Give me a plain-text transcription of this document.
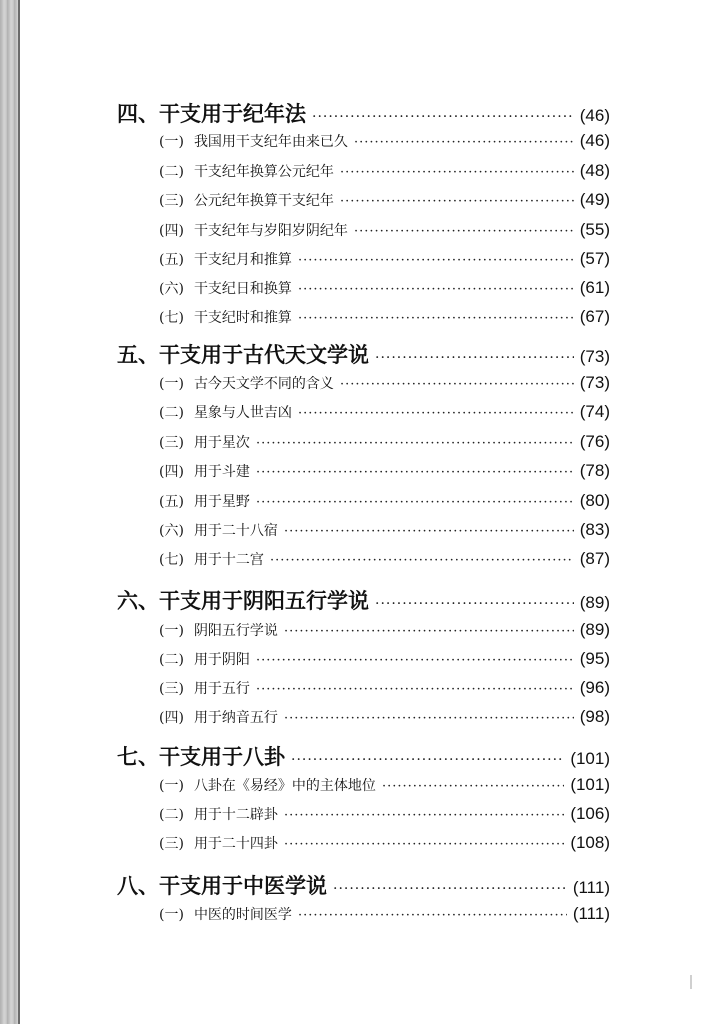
四、干支用于纪年法 ·····	(46)
(一) 我国用干支纪年由来已久 ·····	(46)
(二) 干支纪年换算公元纪年 ·····	(48)
(三) 公元纪年换算干支纪年 ·····	(49)
(四) 干支纪年与岁阳岁阴纪年 ·····	(55)
(五) 干支纪月和推算 ·····	(57)
(六) 干支纪日和换算 ·····	(61)
(七) 干支纪时和推算 ·····	(67)
五、干支用于古代天文学说 ·····	(73)
(一) 古今天文学不同的含义 ·····	(73)
(二) 星象与人世吉凶 ·····	(74)
(三) 用于星次 ·····	(76)
(四) 用于斗建 ·····	(78)
(五) 用于星野 ·····	(80)
(六) 用于二十八宿 ·····	(83)
(七) 用于十二宫 ·····	(87)
六、干支用于阴阳五行学说 ·····	(89)
(一) 阴阳五行学说 ·····	(89)
(二) 用于阴阳 ·····	(95)
(三) 用于五行 ·····	(96)
(四) 用于纳音五行 ·····	(98)
七、干支用于八卦 ·····	(101)
(一) 八卦在《易经》中的主体地位 ·····	(101)
(二) 用于十二辟卦 ·····	(106)
(三) 用于二十四卦 ·····	(108)
八、干支用于中医学说 ·····	(111)
(一) 中医的时间医学 ·····	(111)
